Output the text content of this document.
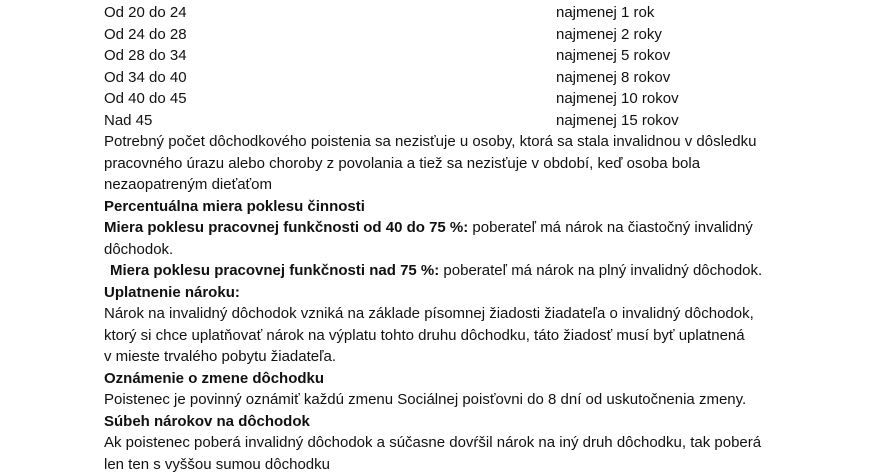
Od 20 do 24	najmenej 1 rok
Od 24 do 28	najmenej 2 roky
Od 28 do 34	najmenej 5 rokov
Od 34 do 40	najmenej 8 rokov
Od 40 do 45	najmenej 10 rokov
Nad 45	najmenej 15 rokov
Potrebný počet dôchodkového poistenia sa nezisťuje u osoby, ktorá sa stala invalidnou v dôsledku
pracovného úrazu alebo choroby z povolania a tiež sa nezisťuje v období, keď osoba bola
nezaopatreným dieťaťom
Percentuálna miera poklesu činnosti
Miera poklesu pracovnej funkčnosti od 40 do 75 %: poberateľ má nárok na čiastočný invalidný
dôchodok.
Miera poklesu pracovnej funkčnosti nad 75 %: poberateľ má nárok na plný invalidný dôchodok.
Uplatnenie nároku:
Nárok na invalidný dôchodok vzniká na základe písomnej žiadosti žiadateľa o invalidný dôchodok,
ktorý si chce uplatňovať nárok na výplatu tohto druhu dôchodku, táto žiadosť musí byť uplatnená
v mieste trvalého pobytu žiadateľa.
Oznámenie o zmene dôchodku
Poistenec je povinný oznámiť každú zmenu Sociálnej poisťovni do 8 dní od uskutočnenia zmeny.
Súbeh nárokov na dôchodok
Ak poistenec poberá invalidný dôchodok a súčasne dovŕšil nárok na iný druh dôchodku, tak poberá
len ten s vyššou sumou dôchodku
